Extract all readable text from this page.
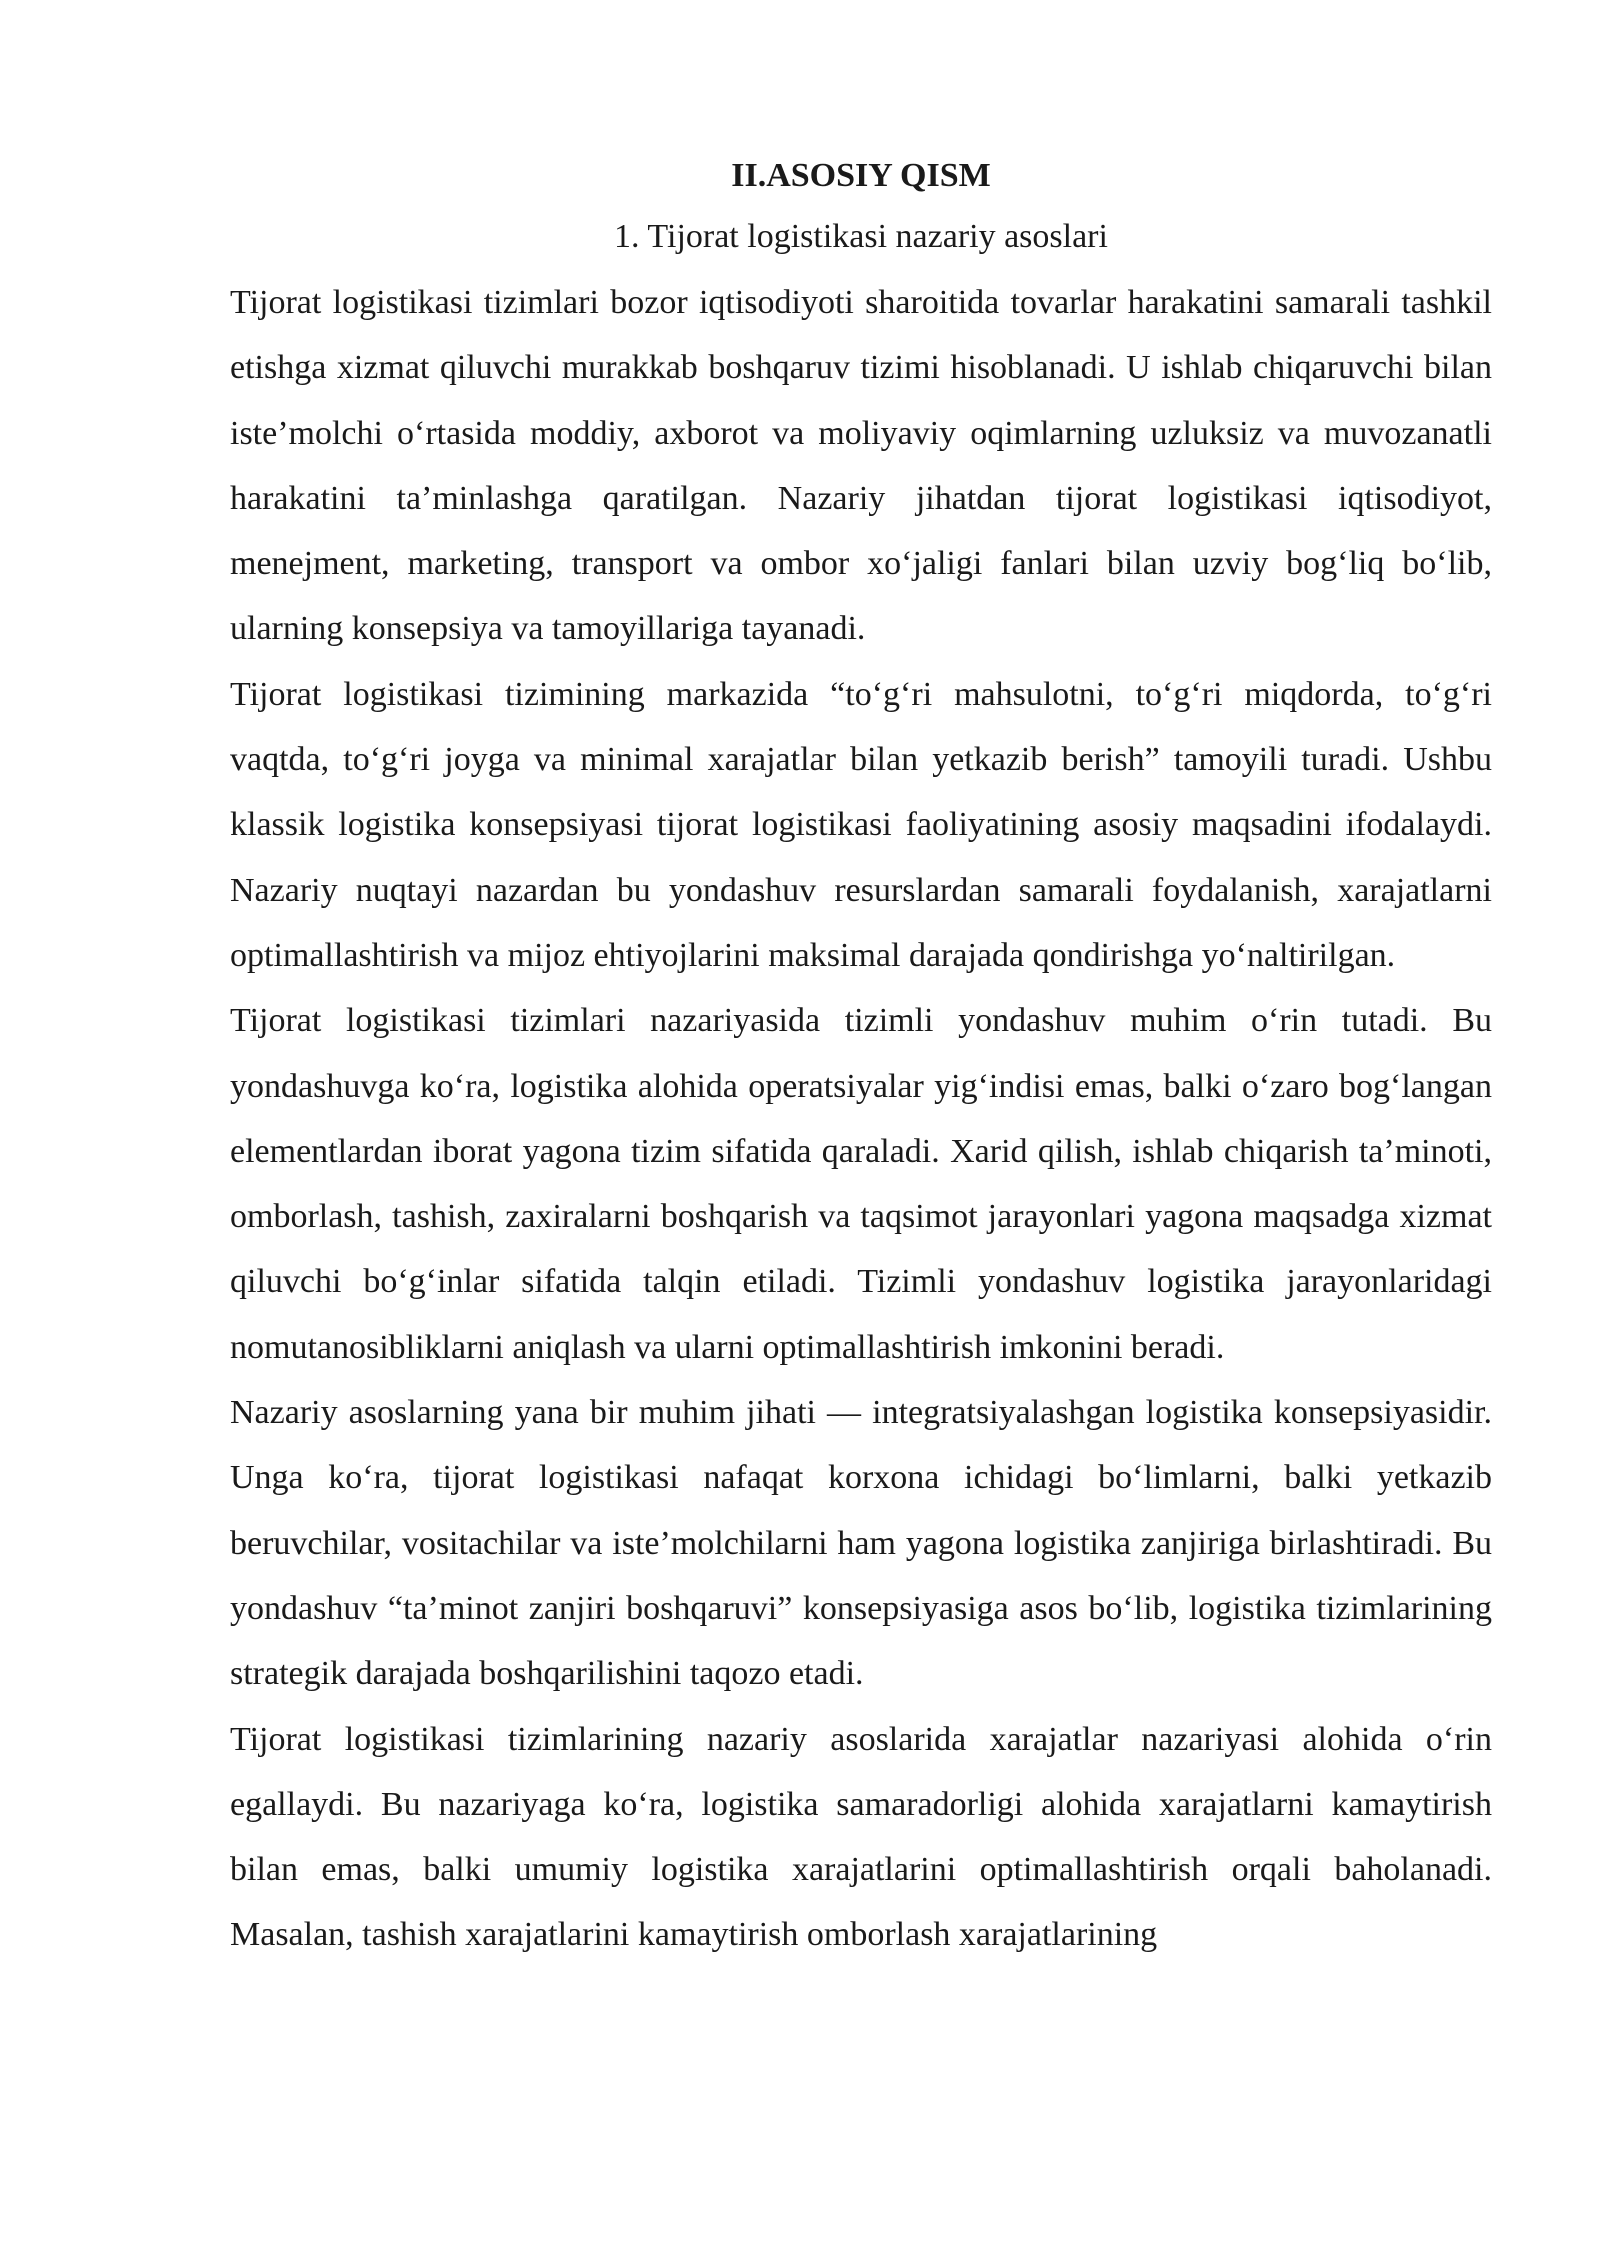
II.ASOSIY QISM

1. Tijorat logistikasi nazariy asoslari

Tijorat logistikasi tizimlari bozor iqtisodiyoti sharoitida tovarlar harakatini samarali tashkil etishga xizmat qiluvchi murakkab boshqaruv tizimi hisoblanadi. U ishlab chiqaruvchi bilan iste’molchi o‘rtasida moddiy, axborot va moliyaviy oqimlarning uzluksiz va muvozanatli harakatini ta’minlashga qaratilgan. Nazariy jihatdan tijorat logistikasi iqtisodiyot, menejment, marketing, transport va ombor xo‘jaligi fanlari bilan uzviy bog‘liq bo‘lib, ularning konsepsiya va tamoyillariga tayanadi.

Tijorat logistikasi tizimining markazida “to‘g‘ri mahsulotni, to‘g‘ri miqdorda, to‘g‘ri vaqtda, to‘g‘ri joyga va minimal xarajatlar bilan yetkazib berish” tamoyili turadi. Ushbu klassik logistika konsepsiyasi tijorat logistikasi faoliyatining asosiy maqsadini ifodalaydi. Nazariy nuqtayi nazardan bu yondashuv resurslardan samarali foydalanish, xarajatlarni optimallashtirish va mijoz ehtiyojlarini maksimal darajada qondirishga yo‘naltirilgan.

Tijorat logistikasi tizimlari nazariyasida tizimli yondashuv muhim o‘rin tutadi. Bu yondashuvga ko‘ra, logistika alohida operatsiyalar yig‘indisi emas, balki o‘zaro bog‘langan elementlardan iborat yagona tizim sifatida qaraladi. Xarid qilish, ishlab chiqarish ta’minoti, omborlash, tashish, zaxiralarni boshqarish va taqsimot jarayonlari yagona maqsadga xizmat qiluvchi bo‘g‘inlar sifatida talqin etiladi. Tizimli yondashuv logistika jarayonlaridagi nomutanosibliklarni aniqlash va ularni optimallashtirish imkonini beradi.

Nazariy asoslarning yana bir muhim jihati — integratsiyalashgan logistika konsepsiyasidir. Unga ko‘ra, tijorat logistikasi nafaqat korxona ichidagi bo‘limlarni, balki yetkazib beruvchilar, vositachilar va iste’molchilarni ham yagona logistika zanjiriga birlashtiradi. Bu yondashuv “ta’minot zanjiri boshqaruvi” konsepsiyasiga asos bo‘lib, logistika tizimlarining strategik darajada boshqarilishini taqozo etadi.

Tijorat logistikasi tizimlarining nazariy asoslarida xarajatlar nazariyasi alohida o‘rin egallaydi. Bu nazariyaga ko‘ra, logistika samaradorligi alohida xarajatlarni kamaytirish bilan emas, balki umumiy logistika xarajatlarini optimallashtirish orqali baholanadi. Masalan, tashish xarajatlarini kamaytirish omborlash xarajatlarining
